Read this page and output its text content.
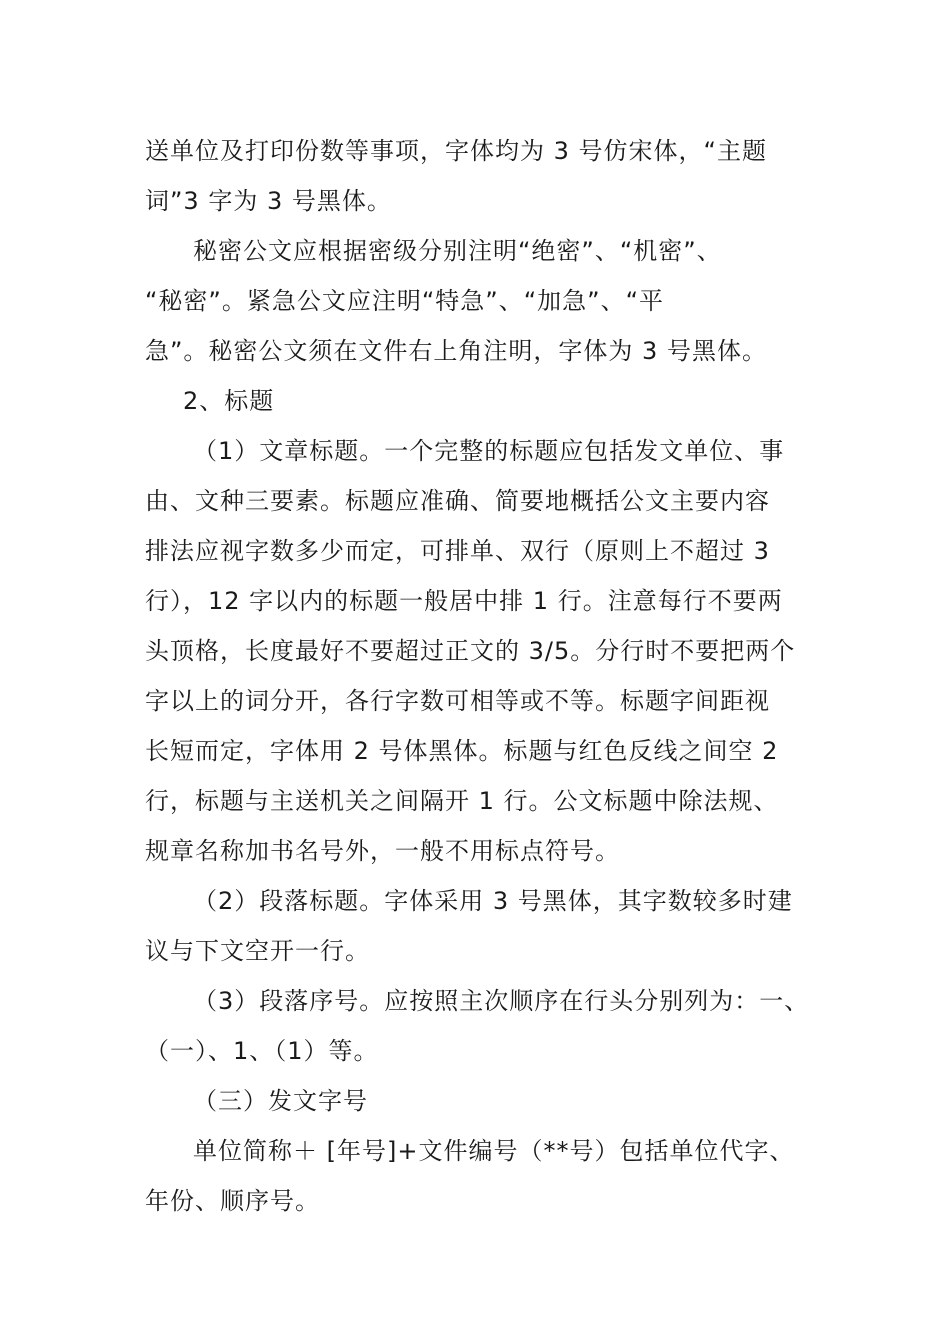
送单位及打印份数等事项，字体均为 3 号仿宋体，“主题
词”3 字为 3 号黑体。
秘密公文应根据密级分别注明“绝密”、“机密”、
“秘密”。紧急公文应注明“特急”、“加急”、“平
急”。秘密公文须在文件右上角注明，字体为 3 号黑体。
2、标题
（1）文章标题。一个完整的标题应包括发文单位、事
由、文种三要素。标题应准确、简要地概括公文主要内容
排法应视字数多少而定，可排单、双行（原则上不超过 3
行），12 字以内的标题一般居中排 1 行。注意每行不要两
头顶格，长度最好不要超过正文的 3/5。分行时不要把两个
字以上的词分开，各行字数可相等或不等。标题字间距视
长短而定，字体用 2 号体黑体。标题与红色反线之间空 2
行，标题与主送机关之间隔开 1 行。公文标题中除法规、
规章名称加书名号外，一般不用标点符号。
（2）段落标题。字体采用 3 号黑体，其字数较多时建
议与下文空开一行。
（3）段落序号。应按照主次顺序在行头分别列为：一、
（一）、1、（1）等。
（三）发文字号
单位简称＋ [年号]+文件编号（**号）包括单位代字、
年份、顺序号。
